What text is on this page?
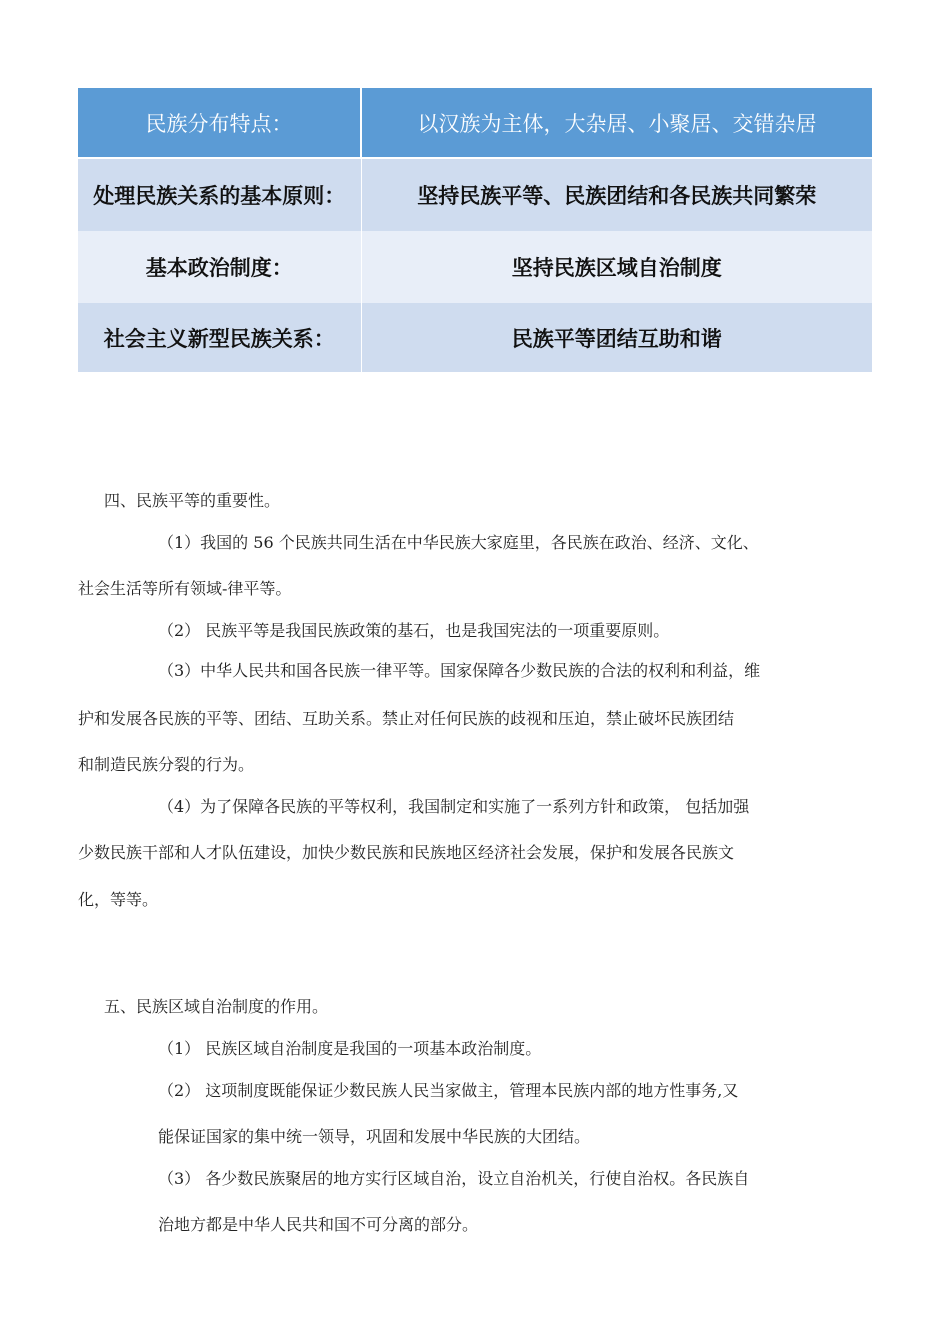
民族分布特点：	以汉族为主体，大杂居、小聚居、交错杂居
处理民族关系的基本原则：	坚持民族平等、民族团结和各民族共同繁荣
基本政治制度：	坚持民族区域自治制度
社会主义新型民族关系：	民族平等团结互助和谐
四、民族平等的重要性。
（1）我国的 56 个民族共同生活在中华民族大家庭里，各民族在政治、经济、文化、
社会生活等所有领域-律平等。
（2） 民族平等是我国民族政策的基石，也是我国宪法的一项重要原则。
（3）中华人民共和国各民族一律平等。国家保障各少数民族的合法的权利和利益，维
护和发展各民族的平等、团结、互助关系。禁止对任何民族的歧视和压迫，禁止破坏民族团结
和制造民族分裂的行为。
（4）为了保障各民族的平等权利，我国制定和实施了一系列方针和政策， 包括加强
少数民族干部和人才队伍建设，加快少数民族和民族地区经济社会发展，保护和发展各民族文
化，等等。
五、民族区域自治制度的作用。
（1） 民族区域自治制度是我国的一项基本政治制度。
（2） 这项制度既能保证少数民族人民当家做主，管理本民族内部的地方性事务,又
能保证国家的集中统一领导，巩固和发展中华民族的大团结。
（3） 各少数民族聚居的地方实行区域自治，设立自治机关，行使自治权。各民族自
治地方都是中华人民共和国不可分离的部分。
